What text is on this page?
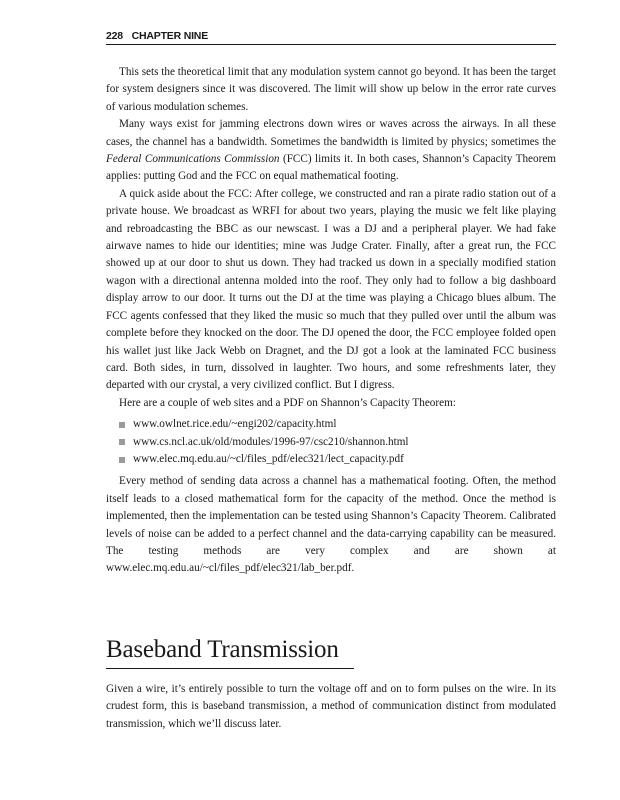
228 CHAPTER NINE

This sets the theoretical limit that any modulation system cannot go beyond. It has been the target for system designers since it was discovered. The limit will show up below in the error rate curves of various modulation schemes.

Many ways exist for jamming electrons down wires or waves across the airways. In all these cases, the channel has a bandwidth. Sometimes the bandwidth is limited by physics; sometimes the Federal Communications Commission (FCC) limits it. In both cases, Shannon’s Capacity Theorem applies: putting God and the FCC on equal mathematical footing.

A quick aside about the FCC: After college, we constructed and ran a pirate radio station out of a private house. We broadcast as WRFI for about two years, playing the music we felt like playing and rebroadcasting the BBC as our newscast. I was a DJ and a peripheral player. We had fake airwave names to hide our identities; mine was Judge Crater. Finally, after a great run, the FCC showed up at our door to shut us down. They had tracked us down in a specially modified station wagon with a directional antenna molded into the roof. They only had to follow a big dashboard display arrow to our door. It turns out the DJ at the time was playing a Chicago blues album. The FCC agents confessed that they liked the music so much that they pulled over until the album was complete before they knocked on the door. The DJ opened the door, the FCC employee folded open his wallet just like Jack Webb on Dragnet, and the DJ got a look at the laminated FCC business card. Both sides, in turn, dissolved in laughter. Two hours, and some refreshments later, they departed with our crystal, a very civilized conflict. But I digress.

Here are a couple of web sites and a PDF on Shannon’s Capacity Theorem:

www.owlnet.rice.edu/~engi202/capacity.html
www.cs.ncl.ac.uk/old/modules/1996-97/csc210/shannon.html
www.elec.mq.edu.au/~cl/files_pdf/elec321/lect_capacity.pdf

Every method of sending data across a channel has a mathematical footing. Often, the method itself leads to a closed mathematical form for the capacity of the method. Once the method is implemented, then the implementation can be tested using Shannon’s Capacity Theorem. Calibrated levels of noise can be added to a perfect channel and the data-carrying capability can be measured. The testing methods are very complex and are shown at www.elec.mq.edu.au/~cl/files_pdf/elec321/lab_ber.pdf.

Baseband Transmission

Given a wire, it’s entirely possible to turn the voltage off and on to form pulses on the wire. In its crudest form, this is baseband transmission, a method of communication distinct from modulated transmission, which we’ll discuss later.
